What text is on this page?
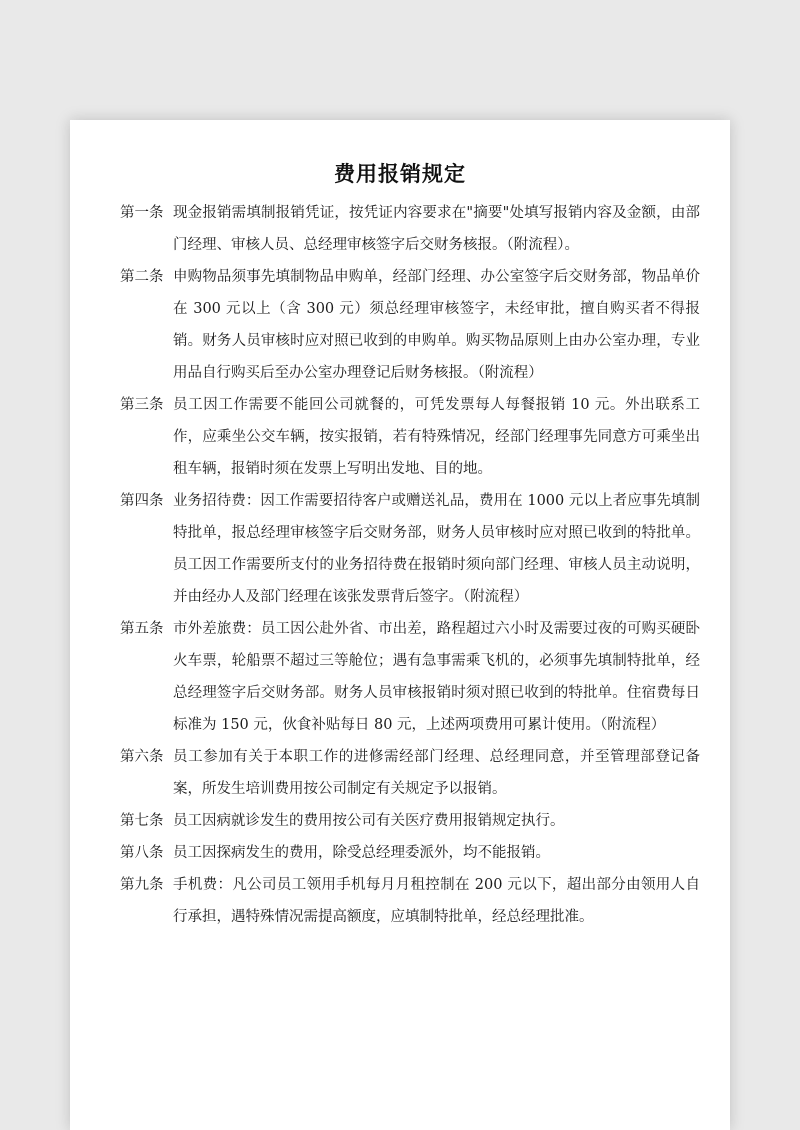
费用报销规定

第一条 现金报销需填制报销凭证，按凭证内容要求在"摘要"处填写报销内容及金额，由部门经理、审核人员、总经理审核签字后交财务核报。（附流程）。

第二条 申购物品须事先填制物品申购单，经部门经理、办公室签字后交财务部，物品单价在 300 元以上（含 300 元）须总经理审核签字，未经审批，擅自购买者不得报销。财务人员审核时应对照已收到的申购单。购买物品原则上由办公室办理，专业用品自行购买后至办公室办理登记后财务核报。（附流程）

第三条 员工因工作需要不能回公司就餐的，可凭发票每人每餐报销 10 元。外出联系工作，应乘坐公交车辆，按实报销，若有特殊情况，经部门经理事先同意方可乘坐出租车辆，报销时须在发票上写明出发地、目的地。

第四条 业务招待费：因工作需要招待客户或赠送礼品，费用在 1000 元以上者应事先填制特批单，报总经理审核签字后交财务部，财务人员审核时应对照已收到的特批单。员工因工作需要所支付的业务招待费在报销时须向部门经理、审核人员主动说明，并由经办人及部门经理在该张发票背后签字。（附流程）

第五条 市外差旅费：员工因公赴外省、市出差，路程超过六小时及需要过夜的可购买硬卧火车票，轮船票不超过三等舱位；遇有急事需乘飞机的，必须事先填制特批单，经总经理签字后交财务部。财务人员审核报销时须对照已收到的特批单。住宿费每日标准为 150 元，伙食补贴每日 80 元，上述两项费用可累计使用。（附流程）

第六条 员工参加有关于本职工作的进修需经部门经理、总经理同意，并至管理部登记备案，所发生培训费用按公司制定有关规定予以报销。

第七条 员工因病就诊发生的费用按公司有关医疗费用报销规定执行。

第八条 员工因探病发生的费用，除受总经理委派外，均不能报销。

第九条 手机费：凡公司员工领用手机每月月租控制在 200 元以下，超出部分由领用人自行承担，遇特殊情况需提高额度，应填制特批单，经总经理批准。
